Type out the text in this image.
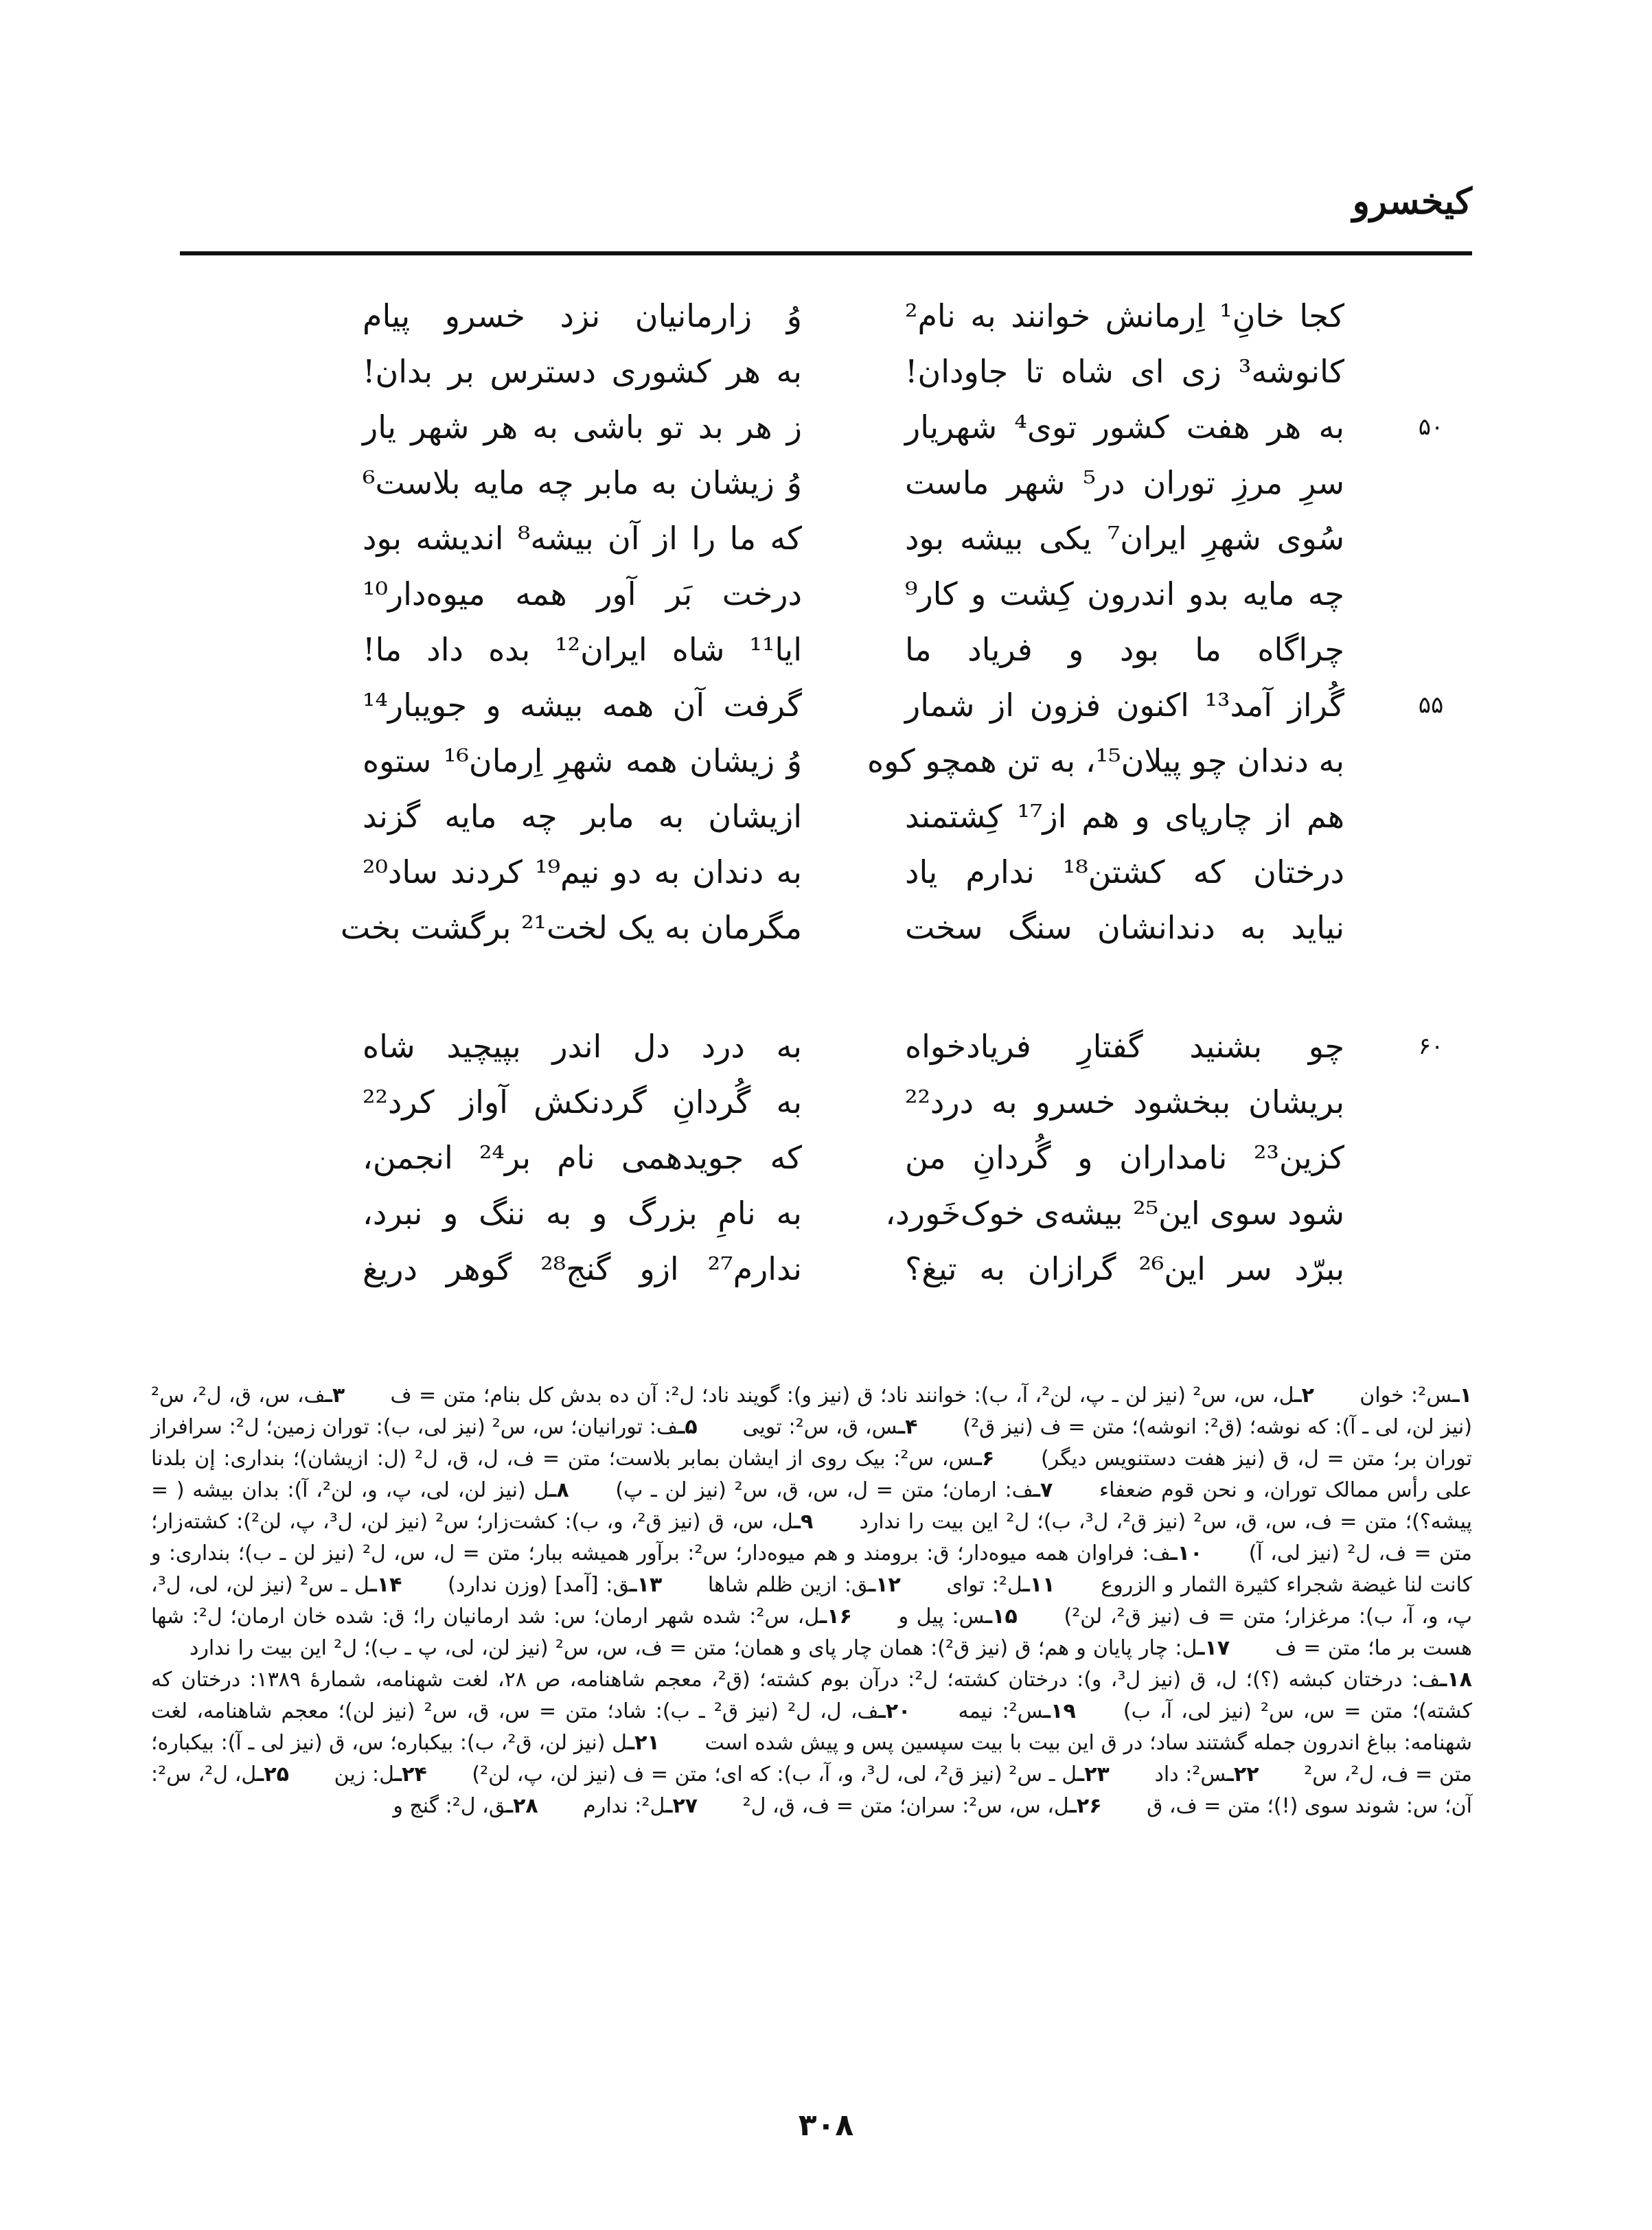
کیخسرو
کجا خانِ¹ اِرمانش خوانند به نام²
وُ زارمانیان نزد خسرو پیام
کانوشه³ زی ای شاه تا جاودان!
به هر کشوری دسترس بر بدان!
۵۰
به هر هفت کشور توی⁴ شهریار
ز هر بد تو باشی به هر شهر یار
سرِ مرزِ توران در⁵ شهر ماست
وُ زیشان به مابر چه مایه بلاست⁶
سُوی شهرِ ایران⁷ یکی بیشه بود
که ما را از آن بیشه⁸ اندیشه بود
چه مایه بدو اندرون کِشت و کار⁹
درخت بَر آور همه میوه‌دار¹⁰
چراگاه ما بود و فریاد ما
ایا¹¹ شاه ایران¹² بده داد ما!
۵۵
گُراز آمد¹³ اکنون فزون از شمار
گرفت آن همه بیشه و جویبار¹⁴
به دندان چو پیلان¹⁵، به تن همچو کوه
وُ زیشان همه شهرِ اِرمان¹⁶ ستوه
هم از چارپای و هم از¹⁷ کِشتمند
ازیشان به مابر چه مایه گزند
درختان که کشتن¹⁸ ندارم یاد
به دندان به دو نیم¹⁹ کردند ساد²⁰
نیاید به دندانشان سنگ سخت
مگرمان به یک لخت²¹ برگشت بخت
۶۰
چو بشنید گفتارِ فریادخواه
به درد دل اندر بپیچید شاه
بریشان ببخشود خسرو به درد²²
به گُردانِ گردنکش آواز کرد²²
کزین²³ نامداران و گُردانِ من
که جویدهمی نام بر²⁴ انجمن،
شود سوی این²⁵ بیشه‌ی خوک‌خَورد،
به نامِ بزرگ و به ننگ و نبرد،
ببرّد سر این²⁶ گرازان به تیغ؟
ندارم²⁷ ازو گنج²⁸ گوهر دریغ
۱ـس²: خوان ۲ـل، س، س² (نیز لن ـ پ، لن²، آ، ب): خوانند ناد؛ ق (نیز و): گویند ناد؛ ل²: آن ده بدش کل بنام؛ متن = ف ۳ـف، س، ق، ل²، س² (نیز لن، لی ـ آ): که نوشه؛ (ق²: انوشه)؛ متن = ف (نیز ق²) ۴ـس، ق، س²: تویی ۵ـف: تورانیان؛ س، س² (نیز لی، ب): توران زمین؛ ل²: سرافراز توران بر؛ متن = ل، ق (نیز هفت دستنویس دیگر) ۶ـس، س²: بیک روی از ایشان بمابر بلاست؛ متن = ف، ل، ق، ل² (ل: ازیشان)؛ بنداری: إن بلدنا علی رأس ممالک توران، و نحن قوم ضعفاء ۷ـف: ارمان؛ متن = ل، س، ق، س² (نیز لن ـ پ) ۸ـل (نیز لن، لی، پ، و، لن²، آ): بدان بیشه ( = پیشه؟)؛ متن = ف، س، ق، س² (نیز ق²، ل³، ب)؛ ل² این بیت را ندارد ۹ـل، س، ق (نیز ق²، و، ب): کشت‌زار؛ س² (نیز لن، ل³، پ، لن²): کشته‌زار؛ متن = ف، ل² (نیز لی، آ) ۱۰ـف: فراوان همه میوه‌دار؛ ق: برومند و هم میوه‌دار؛ س²: برآور همیشه ببار؛ متن = ل، س، ل² (نیز لن ـ ب)؛ بنداری: و کانت لنا غیضة شجراء کثیرة الثمار و الزروع ۱۱ـل²: توای ۱۲ـق: ازین ظلم شاها ۱۳ـق: [آمد] (وزن ندارد) ۱۴ـل ـ س² (نیز لن، لی، ل³، پ، و، آ، ب): مرغزار؛ متن = ف (نیز ق²، لن²) ۱۵ـس: پیل و ۱۶ـل، س²: شده شهر ارمان؛ س: شد ارمانیان را؛ ق: شده خان ارمان؛ ل²: شها هست بر ما؛ متن = ف ۱۷ـل: چار پایان و هم؛ ق (نیز ق²): همان چار پای و همان؛ متن = ف، س، س² (نیز لن، لی، پ ـ ب)؛ ل² این بیت را ندارد ۱۸ـف: درختان کبشه (؟)؛ ل، ق (نیز ل³، و): درختان کشته؛ ل²: درآن بوم کشته؛ (ق²، معجم شاهنامه، ص ۲۸، لغت شهنامه، شمارهٔ ۱۳۸۹: درختان که کشته)؛ متن = س، س² (نیز لی، آ، ب) ۱۹ـس²: نیمه ۲۰ـف، ل، ل² (نیز ق² ـ ب): شاد؛ متن = س، ق، س² (نیز لن)؛ معجم شاهنامه، لغت شهنامه: بباغ اندرون جمله گشتند ساد؛ در ق این بیت با بیت سپسین پس و پیش شده است ۲۱ـل (نیز لن، ق²، ب): بیکباره؛ س، ق (نیز لی ـ آ): بیکباره؛ متن = ف، ل²، س² ۲۲ـس²: داد ۲۳ـل ـ س² (نیز ق²، لی، ل³، و، آ، ب): که ای؛ متن = ف (نیز لن، پ، لن²) ۲۴ـل: زین ۲۵ـل، ل²، س²: آن؛ س: شوند سوی (!)؛ متن = ف، ق ۲۶ـل، س، س²: سران؛ متن = ف، ق، ل² ۲۷ـل²: ندارم ۲۸ـق، ل²: گنج و
۳۰۸
